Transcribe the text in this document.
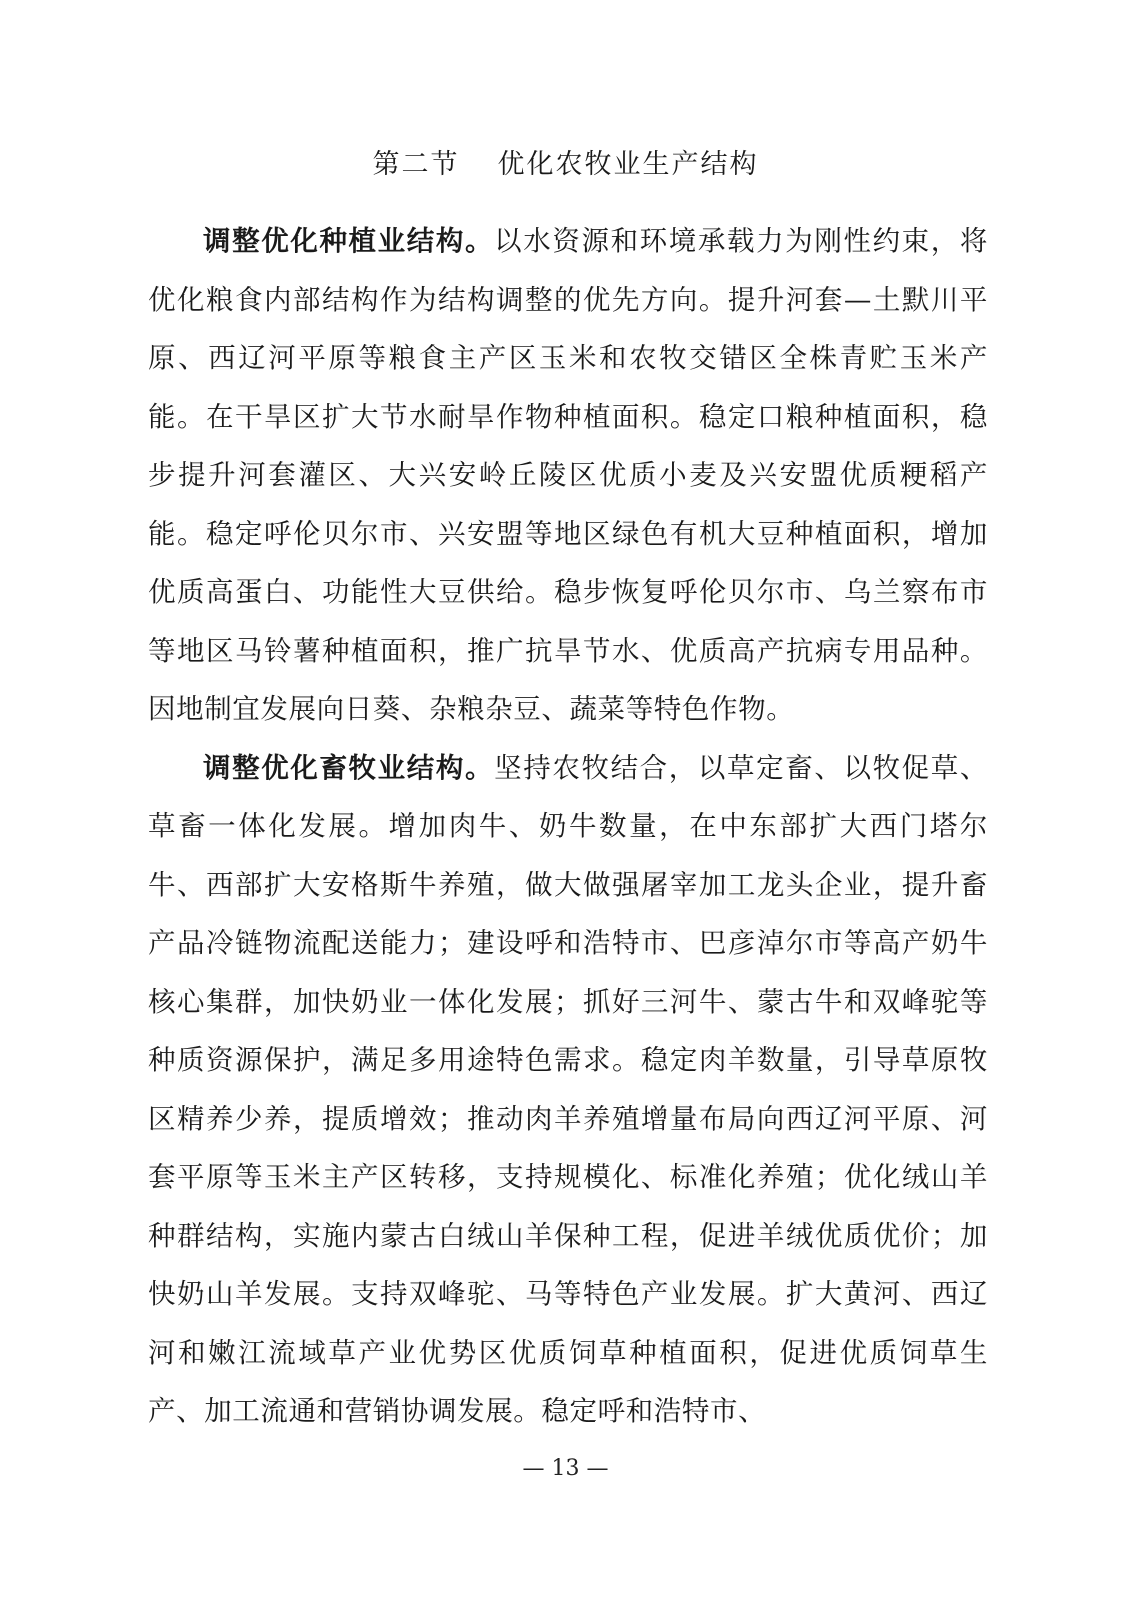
第二节 优化农牧业生产结构

调整优化种植业结构。以水资源和环境承载力为刚性约束，将优化粮食内部结构作为结构调整的优先方向。提升河套—土默川平原、西辽河平原等粮食主产区玉米和农牧交错区全株青贮玉米产能。在干旱区扩大节水耐旱作物种植面积。稳定口粮种植面积，稳步提升河套灌区、大兴安岭丘陵区优质小麦及兴安盟优质粳稻产能。稳定呼伦贝尔市、兴安盟等地区绿色有机大豆种植面积，增加优质高蛋白、功能性大豆供给。稳步恢复呼伦贝尔市、乌兰察布市等地区马铃薯种植面积，推广抗旱节水、优质高产抗病专用品种。因地制宜发展向日葵、杂粮杂豆、蔬菜等特色作物。

调整优化畜牧业结构。坚持农牧结合，以草定畜、以牧促草、草畜一体化发展。增加肉牛、奶牛数量，在中东部扩大西门塔尔牛、西部扩大安格斯牛养殖，做大做强屠宰加工龙头企业，提升畜产品冷链物流配送能力；建设呼和浩特市、巴彦淖尔市等高产奶牛核心集群，加快奶业一体化发展；抓好三河牛、蒙古牛和双峰驼等种质资源保护，满足多用途特色需求。稳定肉羊数量，引导草原牧区精养少养，提质增效；推动肉羊养殖增量布局向西辽河平原、河套平原等玉米主产区转移，支持规模化、标准化养殖；优化绒山羊种群结构，实施内蒙古白绒山羊保种工程，促进羊绒优质优价；加快奶山羊发展。支持双峰驼、马等特色产业发展。扩大黄河、西辽河和嫩江流域草产业优势区优质饲草种植面积，促进优质饲草生产、加工流通和营销协调发展。稳定呼和浩特市、

— 13 —
